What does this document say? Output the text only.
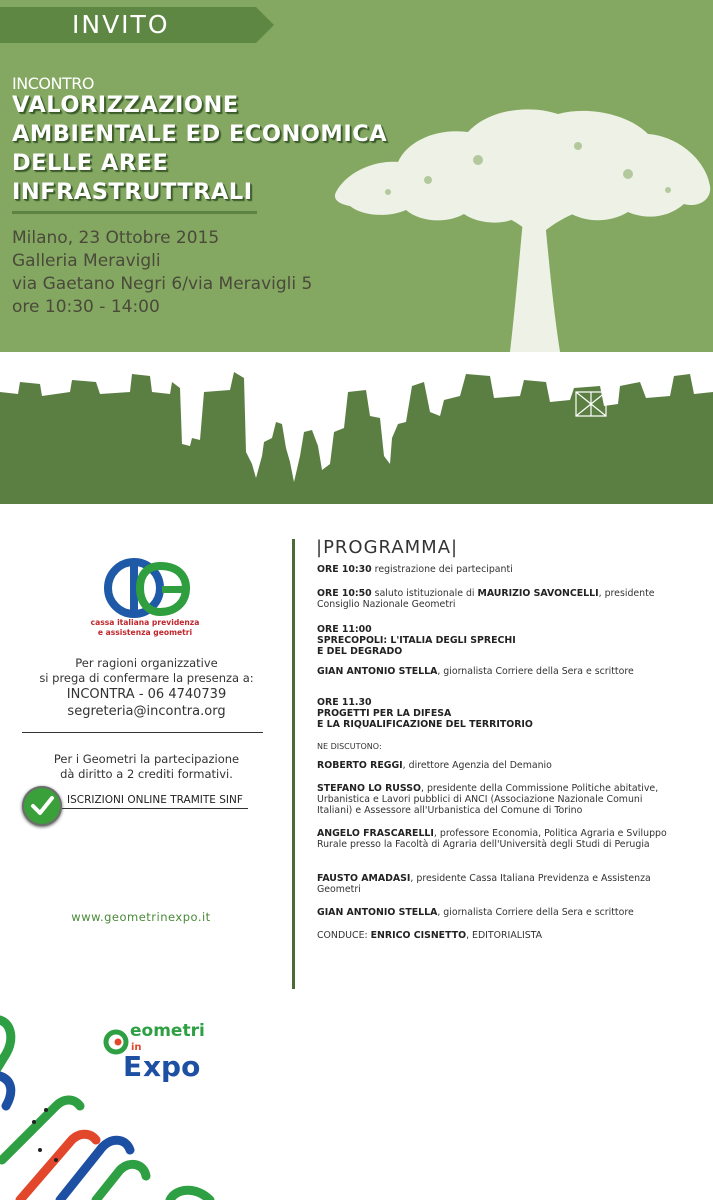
INVITO
INCONTRO
VALORIZZAZIONE
AMBIENTALE ED ECONOMICA
DELLE AREE
INFRASTRUTTRALI
Milano, 23 Ottobre 2015
Galleria Meravigli
via Gaetano Negri 6/via Meravigli 5
ore 10:30 - 14:00
cassa italiana previdenza
e assistenza geometri
Per ragioni organizzative
si prega di confermare la presenza a:
INCONTRA - 06 4740739
segreteria@incontra.org
Per i Geometri la partecipazione
dà diritto a 2 crediti formativi.
ISCRIZIONI ONLINE TRAMITE SINF
www.geometrinexpo.it
eometri
in
E xpo
|PROGRAMMA|
ORE 10:30 registrazione dei partecipanti
ORE 10:50 saluto istituzionale di MAURIZIO SAVONCELLI, presidente Consiglio Nazionale Geometri
ORE 11:00
SPRECOPOLI: L'ITALIA DEGLI SPRECHI
E DEL DEGRADO
GIAN ANTONIO STELLA, giornalista Corriere della Sera e scrittore
ORE 11.30
PROGETTI PER LA DIFESA
E LA RIQUALIFICAZIONE DEL TERRITORIO
NE DISCUTONO:
ROBERTO REGGI, direttore Agenzia del Demanio
STEFANO LO RUSSO, presidente della Commissione Politiche abitative, Urbanistica e Lavori pubblici di ANCI (Associazione Nazionale Comuni Italiani) e Assessore all'Urbanistica del Comune di Torino
ANGELO FRASCARELLI, professore Economia, Politica Agraria e Sviluppo Rurale presso la Facoltà di Agraria dell'Università degli Studi di Perugia
FAUSTO AMADASI, presidente Cassa Italiana Previdenza e Assistenza Geometri
GIAN ANTONIO STELLA, giornalista Corriere della Sera e scrittore
CONDUCE: ENRICO CISNETTO, EDITORIALISTA
